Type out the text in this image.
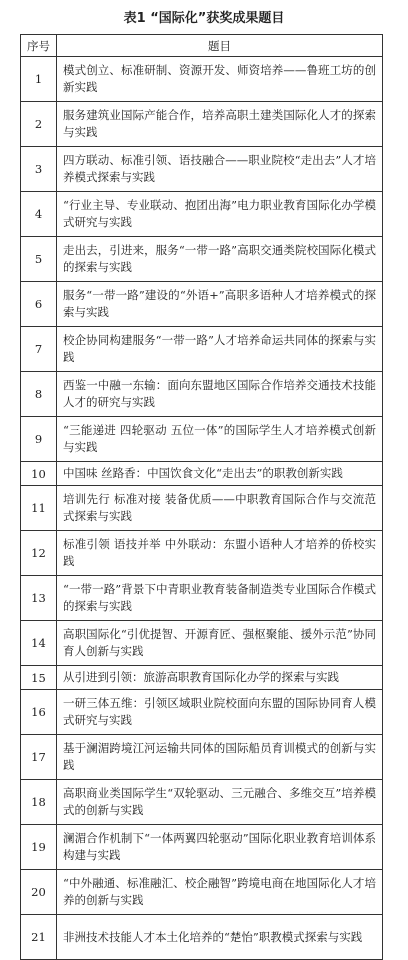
表1 “国际化”获奖成果题目
序号	题目
1	模式创立、标准研制、资源开发、师资培养——鲁班工坊的创新实践
2	服务建筑业国际产能合作，培养高职土建类国际化人才的探索与实践
3	四方联动、标准引领、语技融合——职业院校“走出去”人才培养模式探索与实践
4	“行业主导、专业联动、抱团出海”电力职业教育国际化办学模式研究与实践
5	走出去，引进来，服务“一带一路”高职交通类院校国际化模式的探索与实践
6	服务“一带一路”建设的“外语+”高职多语种人才培养模式的探索与实践
7	校企协同构建服务“一带一路”人才培养命运共同体的探索与实践
8	西鉴一中融一东输：面向东盟地区国际合作培养交通技术技能人才的研究与实践
9	“三能递进 四轮驱动 五位一体”的国际学生人才培养模式创新与实践
10	中国味 丝路香：中国饮食文化“走出去”的职教创新实践
11	培训先行 标准对接 装备优质——中职教育国际合作与交流范式探索与实践
12	标准引领 语技并举 中外联动：东盟小语种人才培养的侨校实践
13	“一带一路”背景下中青职业教育装备制造类专业国际合作模式的探索与实践
14	高职国际化“引优提智、开源育匠、强枢聚能、援外示范”协同育人创新与实践
15	从引进到引领：旅游高职教育国际化办学的探索与实践
16	一研三体五维：引领区域职业院校面向东盟的国际协同育人模式研究与实践
17	基于澜湄跨境江河运输共同体的国际船员育训模式的创新与实践
18	高职商业类国际学生“双轮驱动、三元融合、多维交互”培养模式的创新与实践
19	澜湄合作机制下“一体两翼四轮驱动”国际化职业教育培训体系构建与实践
20	“中外融通、标准融汇、校企融智”跨境电商在地国际化人才培养的创新与实践
21	非洲技术技能人才本土化培养的“楚怡”职教模式探索与实践
